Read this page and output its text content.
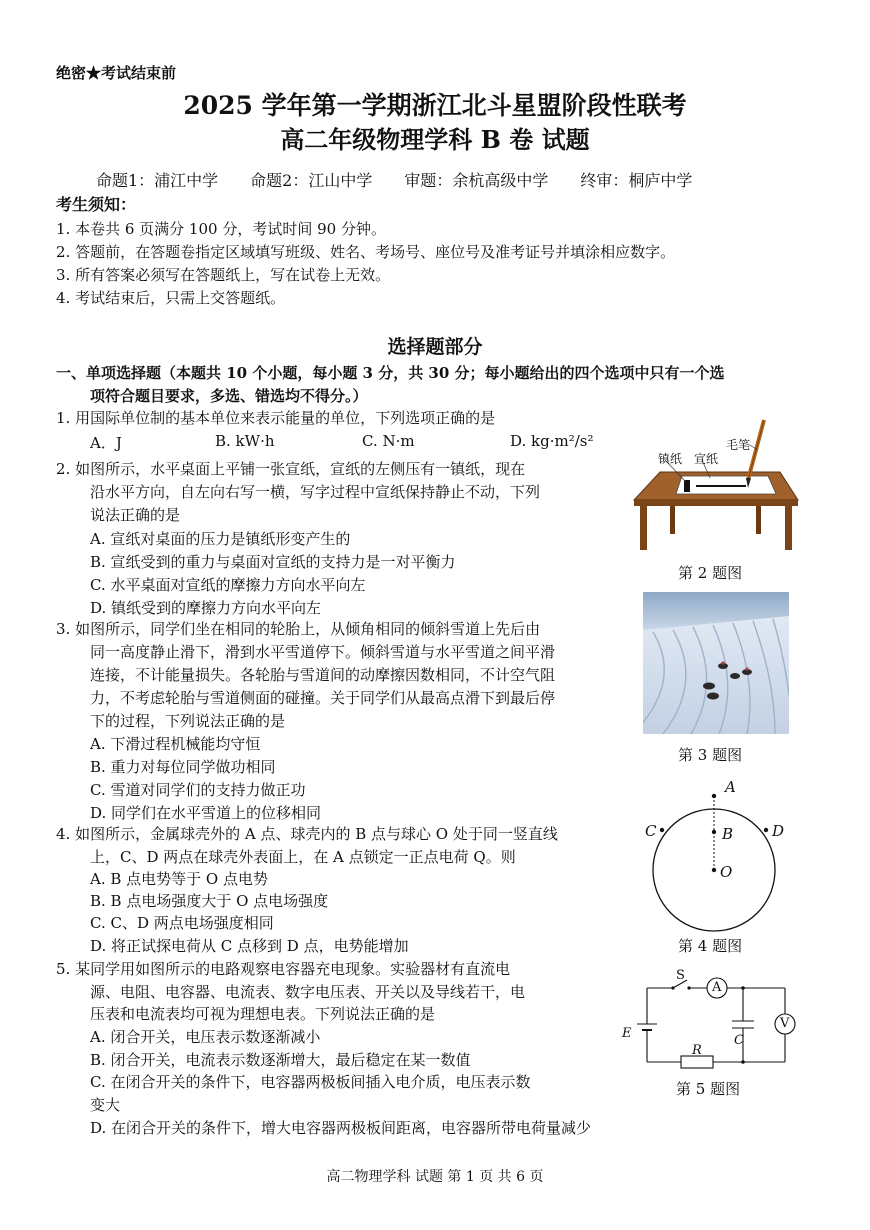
绝密★考试结束前
2025 学年第一学期浙江北斗星盟阶段性联考
高二年级物理学科 B 卷 试题
命题1：浦江中学　　命题2：江山中学　　审题：余杭高级中学　　终审：桐庐中学
考生须知：
1. 本卷共 6 页满分 100 分，考试时间 90 分钟。
2. 答题前，在答题卷指定区域填写班级、姓名、考场号、座位号及准考证号并填涂相应数字。
3. 所有答案必须写在答题纸上，写在试卷上无效。
4. 考试结束后，只需上交答题纸。
选择题部分
一、单项选择题（本题共 10 个小题，每小题 3 分，共 30 分；每小题给出的四个选项中只有一个选
项符合题目要求，多选、错选均不得分。）
1. 用国际单位制的基本单位来表示能量的单位，下列选项正确的是
A．J	B. kW·h	C. N·m	D. kg·m²/s²
2. 如图所示，水平桌面上平铺一张宣纸，宣纸的左侧压有一镇纸，现在
沿水平方向，自左向右写一横，写字过程中宣纸保持静止不动，下列
说法正确的是
A. 宣纸对桌面的压力是镇纸形变产生的
B. 宣纸受到的重力与桌面对宣纸的支持力是一对平衡力
C. 水平桌面对宣纸的摩擦力方向水平向左
D. 镇纸受到的摩擦力方向水平向左
镇纸 宣纸
毛笔
第 2 题图
3. 如图所示，同学们坐在相同的轮胎上，从倾角相同的倾斜雪道上先后由
同一高度静止滑下，滑到水平雪道停下。倾斜雪道与水平雪道之间平滑
连接，不计能量损失。各轮胎与雪道间的动摩擦因数相同，不计空气阻
力，不考虑轮胎与雪道侧面的碰撞。关于同学们从最高点滑下到最后停
下的过程，下列说法正确的是
A. 下滑过程机械能均守恒
B. 重力对每位同学做功相同
C. 雪道对同学们的支持力做正功
D. 同学们在水平雪道上的位移相同
第 3 题图
4. 如图所示，金属球壳外的 A 点、球壳内的 B 点与球心 O 处于同一竖直线
上，C、D 两点在球壳外表面上，在 A 点锁定一正点电荷 Q。则
A. B 点电势等于 O 点电势
B. B 点电场强度大于 O 点电场强度
C. C、D 两点电场强度相同
D. 将正试探电荷从 C 点移到 D 点，电势能增加
A
B
C	D
O
第 4 题图
5. 某同学用如图所示的电路观察电容器充电现象。实验器材有直流电
源、电阻、电容器、电流表、数字电压表、开关以及导线若干，电
压表和电流表均可视为理想电表。下列说法正确的是
A. 闭合开关，电压表示数逐渐减小
B. 闭合开关，电流表示数逐渐增大，最后稳定在某一数值
C. 在闭合开关的条件下，电容器两极板间插入电介质，电压表示数
变大
D. 在闭合开关的条件下，增大电容器两极板间距离，电容器所带电荷量减少
S
A
V
E	C
R
第 5 题图
高二物理学科 试题 第 1 页 共 6 页
